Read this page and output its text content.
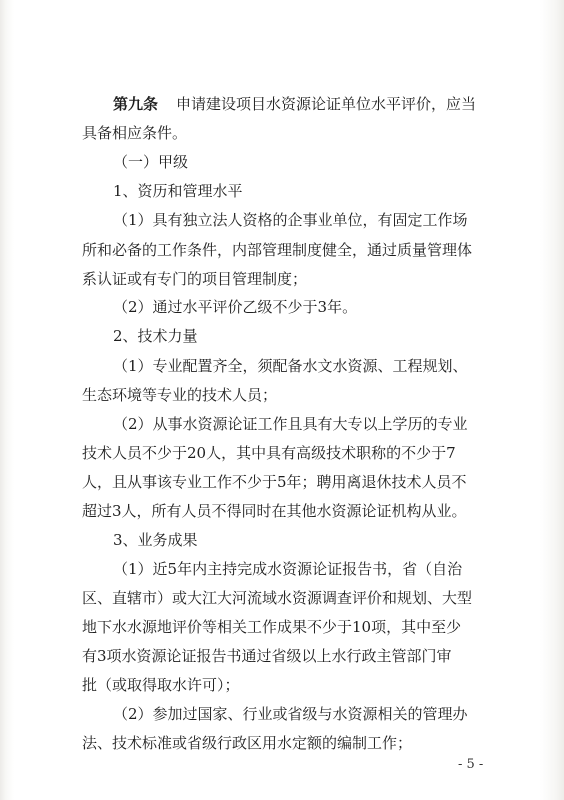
第九条 申请建设项目水资源论证单位水平评价，应当
具备相应条件。
（一）甲级
1、资历和管理水平
（1）具有独立法人资格的企事业单位，有固定工作场
所和必备的工作条件，内部管理制度健全，通过质量管理体
系认证或有专门的项目管理制度；
（2）通过水平评价乙级不少于3年。
2、技术力量
（1）专业配置齐全，须配备水文水资源、工程规划、
生态环境等专业的技术人员；
（2）从事水资源论证工作且具有大专以上学历的专业
技术人员不少于20人，其中具有高级技术职称的不少于7
人，且从事该专业工作不少于5年；聘用离退休技术人员不
超过3人，所有人员不得同时在其他水资源论证机构从业。
3、业务成果
（1）近5年内主持完成水资源论证报告书，省（自治
区、直辖市）或大江大河流域水资源调查评价和规划、大型
地下水水源地评价等相关工作成果不少于10项，其中至少
有3项水资源论证报告书通过省级以上水行政主管部门审
批（或取得取水许可）；
（2）参加过国家、行业或省级与水资源相关的管理办
法、技术标准或省级行政区用水定额的编制工作；
- 5 -
